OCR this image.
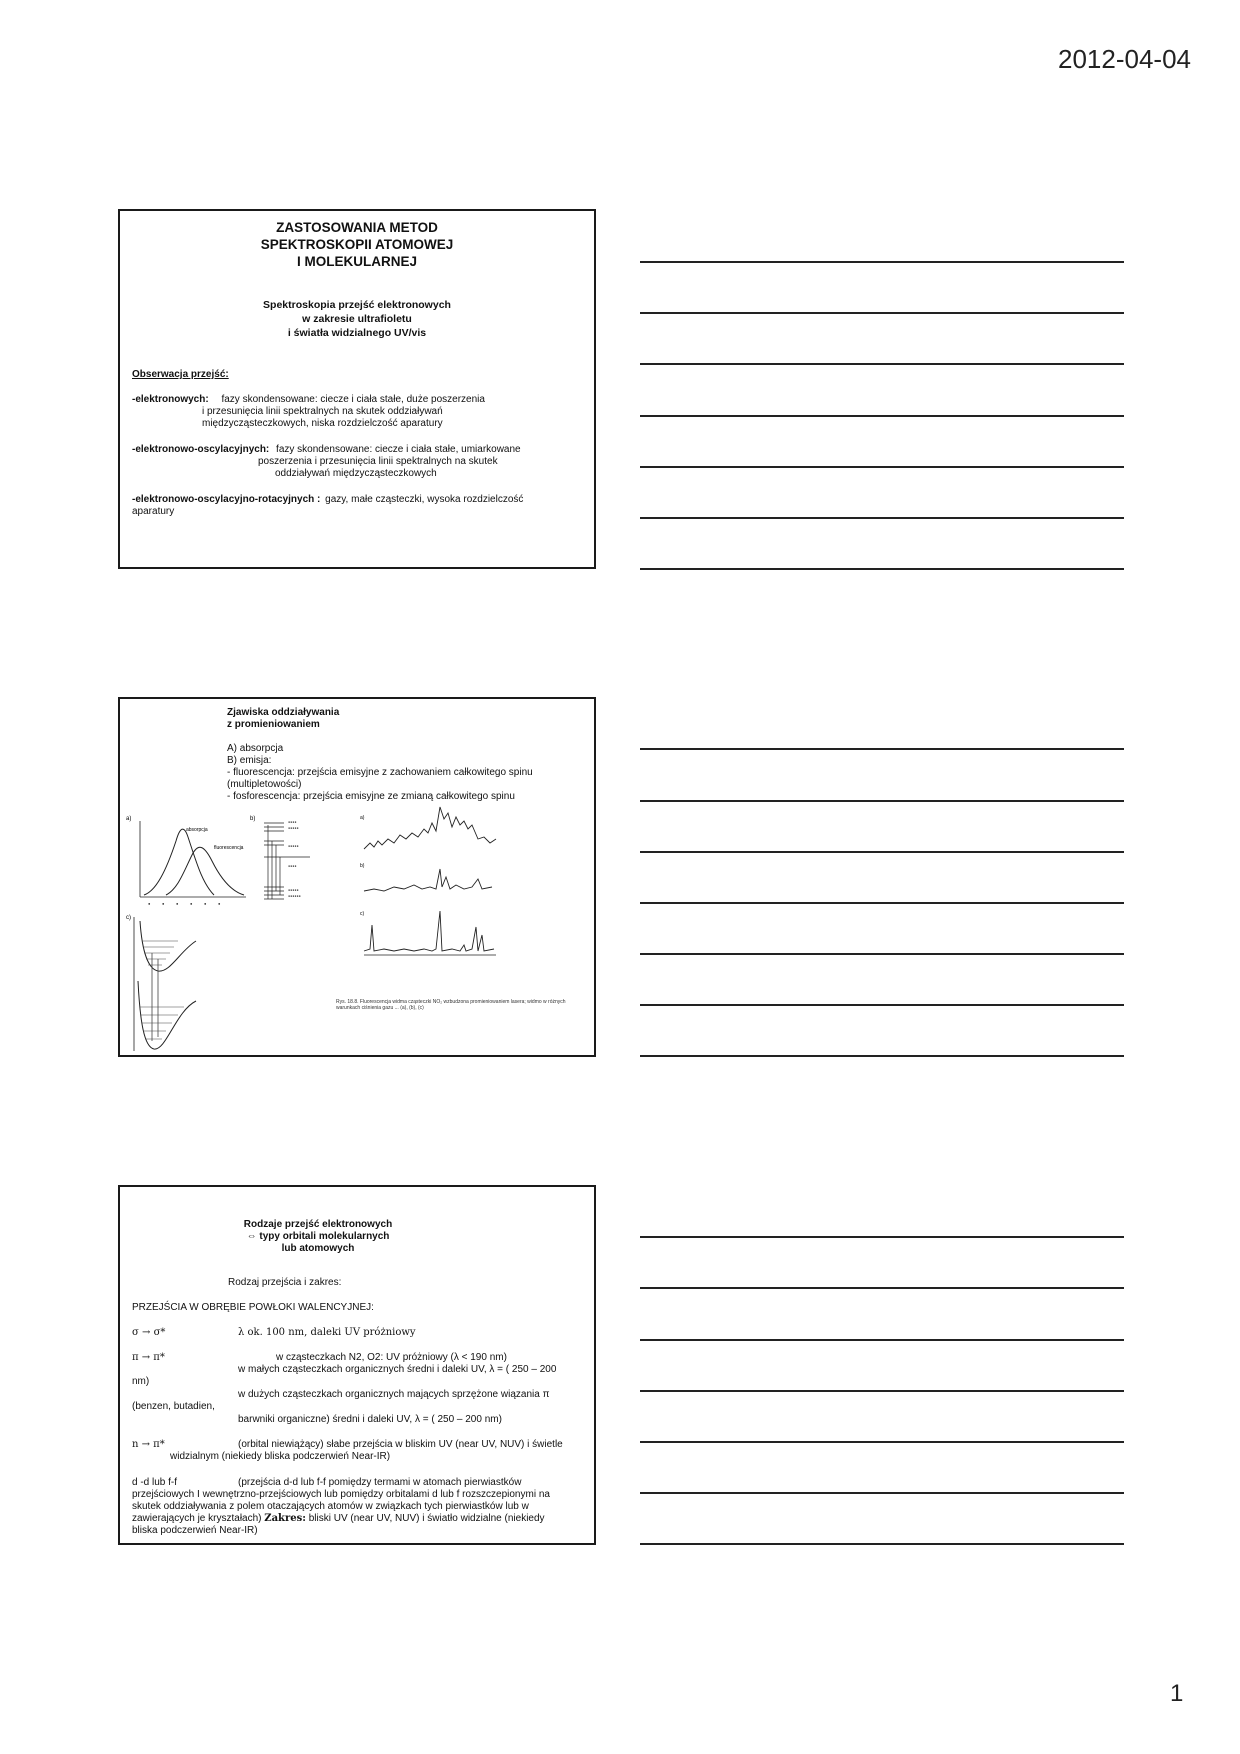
2012-04-04
ZASTOSOWANIA METOD
SPEKTROSKOPII ATOMOWEJ
I MOLEKULARNEJ
Spektroskopia przejść elektronowych
w zakresie ultrafioletu
i światła widzialnego UV/vis
Obserwacja przejść:
-elektronowych: fazy skondensowane: ciecze i ciała stałe, duże poszerzenia
i przesunięcia linii spektralnych na skutek oddziaływań
międzycząsteczkowych, niska rozdzielczość aparatury
-elektronowo-oscylacyjnych: fazy skondensowane: ciecze i ciała stałe, umiarkowane
poszerzenia i przesunięcia linii spektralnych na skutek
oddziaływań międzycząsteczkowych
-elektronowo-oscylacyjno-rotacyjnych : gazy, małe cząsteczki, wysoka rozdzielczość
aparatury
Zjawiska oddziaływania
z promieniowaniem
A) absorpcja
B) emisja:
- fluorescencja: przejścia emisyjne z zachowaniem całkowitego spinu
(multipletowości)
- fosforescencja: przejścia emisyjne ze zmianą całkowitego spinu
a)
absorpcja
fluorescencja
●	●	●	●	●	●
b)	●●●●
●●●●●
●●●●●
●●●●
●●●●●
●●●●●●
c)
a)
b)
c)
Rys. 18.8. Fluorescencja widma cząsteczki NO₂ wzbudzona promieniowaniem lasera; widmo w różnych warunkach ciśnienia gazu ... (a), (b), (c)
Rodzaje przejść elektronowych
⇔ typy orbitali molekularnych
lub atomowych
Rodzaj przejścia i zakres:
PRZEJŚCIA W OBRĘBIE POWŁOKI WALENCYJNEJ:
σ → σ*	λ ok. 100 nm, daleki UV próżniowy
π → π*	w cząsteczkach N2, O2: UV próżniowy (λ < 190 nm)
w małych cząsteczkach organicznych średni i daleki UV, λ = ( 250 – 200
nm)
w dużych cząsteczkach organicznych mających sprzężone wiązania π
(benzen, butadien,
barwniki organiczne) średni i daleki UV, λ = ( 250 – 200 nm)
n → π*	(orbital niewiążący) słabe przejścia w bliskim UV (near UV, NUV) i świetle
widzialnym (niekiedy bliska podczerwień Near-IR)
d -d lub f-f	(przejścia d-d lub f-f pomiędzy termami w atomach pierwiastków
przejściowych I wewnętrzno-przejściowych lub pomiędzy orbitalami d lub f rozszczepionymi na
skutek oddziaływania z polem otaczających atomów w związkach tych pierwiastków lub w
zawierających je kryształach) Zakres: bliski UV (near UV, NUV) i światło widzialne (niekiedy
bliska podczerwień Near-IR)
1
